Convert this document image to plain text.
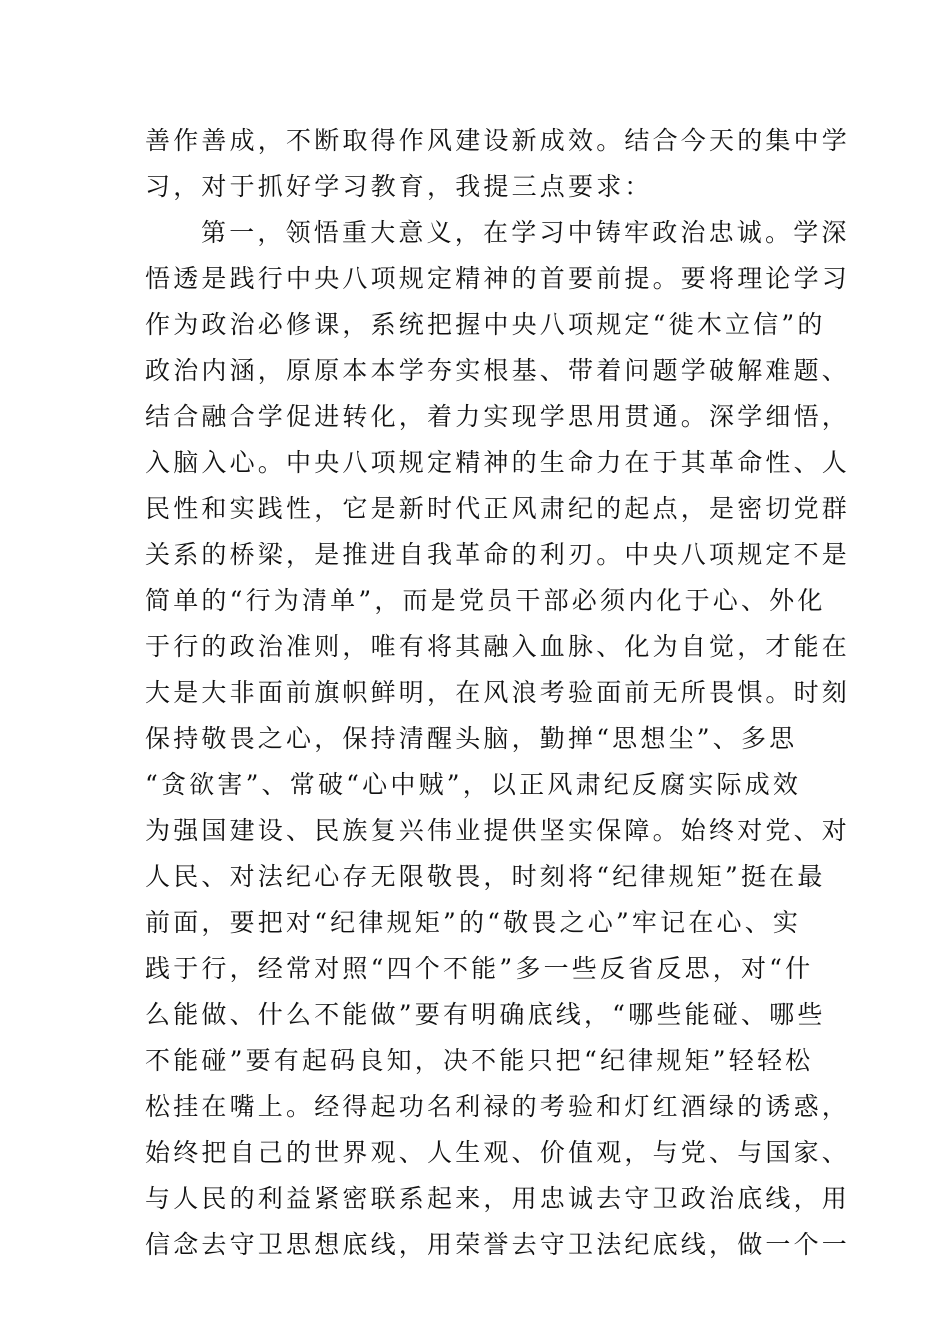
善作善成，不断取得作风建设新成效。结合今天的集中学
习，对于抓好学习教育，我提三点要求：
第一，领悟重大意义，在学习中铸牢政治忠诚。学深
悟透是践行中央八项规定精神的首要前提。要将理论学习
作为政治必修课，系统把握中央八项规定“徙木立信”的
政治内涵，原原本本学夯实根基、带着问题学破解难题、
结合融合学促进转化，着力实现学思用贯通。深学细悟，
入脑入心。中央八项规定精神的生命力在于其革命性、人
民性和实践性，它是新时代正风肃纪的起点，是密切党群
关系的桥梁，是推进自我革命的利刃。中央八项规定不是
简单的“行为清单”，而是党员干部必须内化于心、外化
于行的政治准则，唯有将其融入血脉、化为自觉，才能在
大是大非面前旗帜鲜明，在风浪考验面前无所畏惧。时刻
保持敬畏之心，保持清醒头脑，勤掸“思想尘”、多思
“贪欲害”、常破“心中贼”，以正风肃纪反腐实际成效
为强国建设、民族复兴伟业提供坚实保障。始终对党、对
人民、对法纪心存无限敬畏，时刻将“纪律规矩”挺在最
前面，要把对“纪律规矩”的“敬畏之心”牢记在心、实
践于行，经常对照“四个不能”多一些反省反思，对“什
么能做、什么不能做”要有明确底线，“哪些能碰、哪些
不能碰”要有起码良知，决不能只把“纪律规矩”轻轻松
松挂在嘴上。经得起功名利禄的考验和灯红酒绿的诱惑，
始终把自己的世界观、人生观、价值观，与党、与国家、
与人民的利益紧密联系起来，用忠诚去守卫政治底线，用
信念去守卫思想底线，用荣誉去守卫法纪底线，做一个一
